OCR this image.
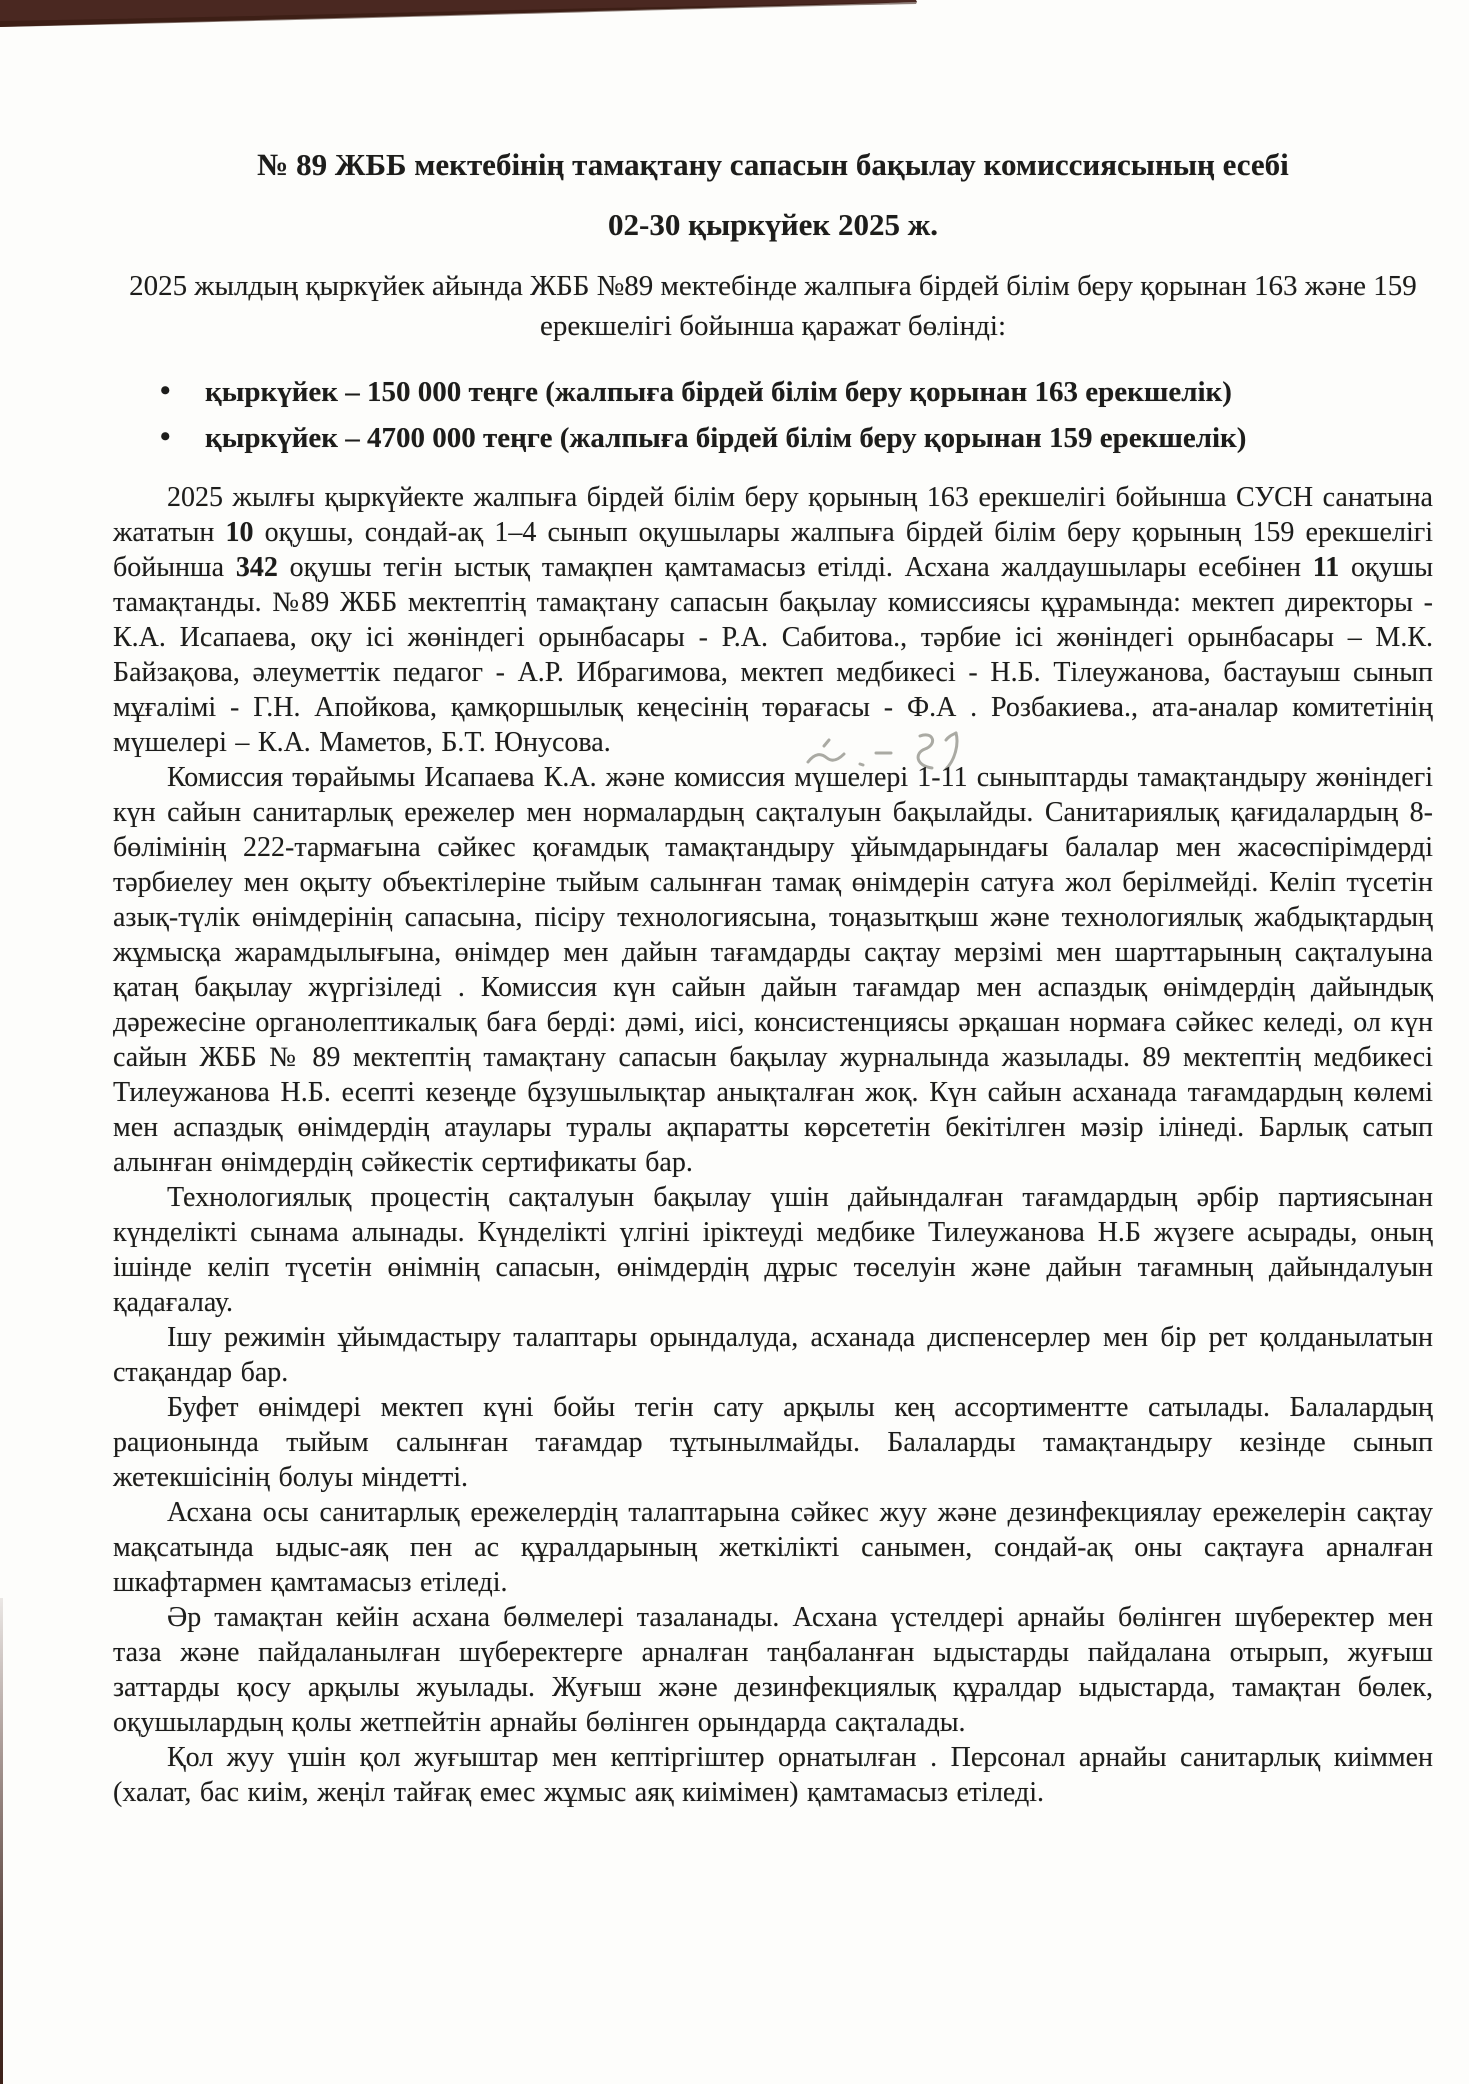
№ 89 ЖББ мектебінің тамақтану сапасын бақылау комиссиясының есебі
02-30 қыркүйек 2025 ж.
2025 жылдың қыркүйек айында ЖББ №89 мектебінде жалпыға бірдей білім беру қорынан 163 және 159 ерекшелігі бойынша қаражат бөлінді:
• қыркүйек – 150 000 теңге (жалпыға бірдей білім беру қорынан 163 ерекшелік)
• қыркүйек – 4700 000 теңге (жалпыға бірдей білім беру қорынан 159 ерекшелік)

2025 жылғы қыркүйекте жалпыға бірдей білім беру қорының 163 ерекшелігі бойынша СУСН санатына жататын 10 оқушы, сондай-ақ 1–4 сынып оқушылары жалпыға бірдей білім беру қорының 159 ерекшелігі бойынша 342 оқушы тегін ыстық тамақпен қамтамасыз етілді. Асхана жалдаушылары есебінен 11 оқушы тамақтанды. №89 ЖББ мектептің тамақтану сапасын бақылау комиссиясы құрамында: мектеп директоры - К.А. Исапаева, оқу ісі жөніндегі орынбасары - Р.А. Сабитова., тәрбие ісі жөніндегі орынбасары – М.К. Байзақова, әлеуметтік педагог - А.Р. Ибрагимова, мектеп медбикесі - Н.Б. Тілеужанова, бастауыш сынып мұғалімі - Г.Н. Апойкова, қамқоршылық кеңесінің төрағасы - Ф.А . Розбакиева., ата-аналар комитетінің мүшелері – К.А. Маметов, Б.Т. Юнусова.

Комиссия төрайымы Исапаева К.А. және комиссия мүшелері 1-11 сыныптарды тамақтандыру жөніндегі күн сайын санитарлық ережелер мен нормалардың сақталуын бақылайды. Санитариялық қағидалардың 8-бөлімінің 222-тармағына сәйкес қоғамдық тамақтандыру ұйымдарындағы балалар мен жасөспірімдерді тәрбиелеу мен оқыту объектілеріне тыйым салынған тамақ өнімдерін сатуға жол берілмейді. Келіп түсетін азық-түлік өнімдерінің сапасына, пісіру технологиясына, тоңазытқыш және технологиялық жабдықтардың жұмысқа жарамдылығына, өнімдер мен дайын тағамдарды сақтау мерзімі мен шарттарының сақталуына қатаң бақылау жүргізіледі . Комиссия күн сайын дайын тағамдар мен аспаздық өнімдердің дайындық дәрежесіне органолептикалық баға берді: дәмі, иісі, консистенциясы әрқашан нормаға сәйкес келеді, ол күн сайын ЖББ № 89 мектептің тамақтану сапасын бақылау журналында жазылады. 89 мектептің медбикесі Тилеужанова Н.Б. есепті кезеңде бұзушылықтар анықталған жоқ. Күн сайын асханада тағамдардың көлемі мен аспаздық өнімдердің атаулары туралы ақпаратты көрсететін бекітілген мәзір ілінеді. Барлық сатып алынған өнімдердің сәйкестік сертификаты бар.

Технологиялық процестің сақталуын бақылау үшін дайындалған тағамдардың әрбір партиясынан күнделікті сынама алынады. Күнделікті үлгіні іріктеуді медбике Тилеужанова Н.Б жүзеге асырады, оның ішінде келіп түсетін өнімнің сапасын, өнімдердің дұрыс төселуін және дайын тағамның дайындалуын қадағалау.

Ішу режимін ұйымдастыру талаптары орындалуда, асханада диспенсерлер мен бір рет қолданылатын стақандар бар.

Буфет өнімдері мектеп күні бойы тегін сату арқылы кең ассортиментте сатылады. Балалардың рационында тыйым салынған тағамдар тұтынылмайды. Балаларды тамақтандыру кезінде сынып жетекшісінің болуы міндетті.

Асхана осы санитарлық ережелердің талаптарына сәйкес жуу және дезинфекциялау ережелерін сақтау мақсатында ыдыс-аяқ пен ас құралдарының жеткілікті санымен, сондай-ақ оны сақтауға арналған шкафтармен қамтамасыз етіледі.

Әр тамақтан кейін асхана бөлмелері тазаланады. Асхана үстелдері арнайы бөлінген шүберектер мен таза және пайдаланылған шүберектерге арналған таңбаланған ыдыстарды пайдалана отырып, жуғыш заттарды қосу арқылы жуылады. Жуғыш және дезинфекциялық құралдар ыдыстарда, тамақтан бөлек, оқушылардың қолы жетпейтін арнайы бөлінген орындарда сақталады.

Қол жуу үшін қол жуғыштар мен кептіргіштер орнатылған . Персонал арнайы санитарлық киіммен (халат, бас киім, жеңіл тайғақ емес жұмыс аяқ киімімен) қамтамасыз етіледі.
